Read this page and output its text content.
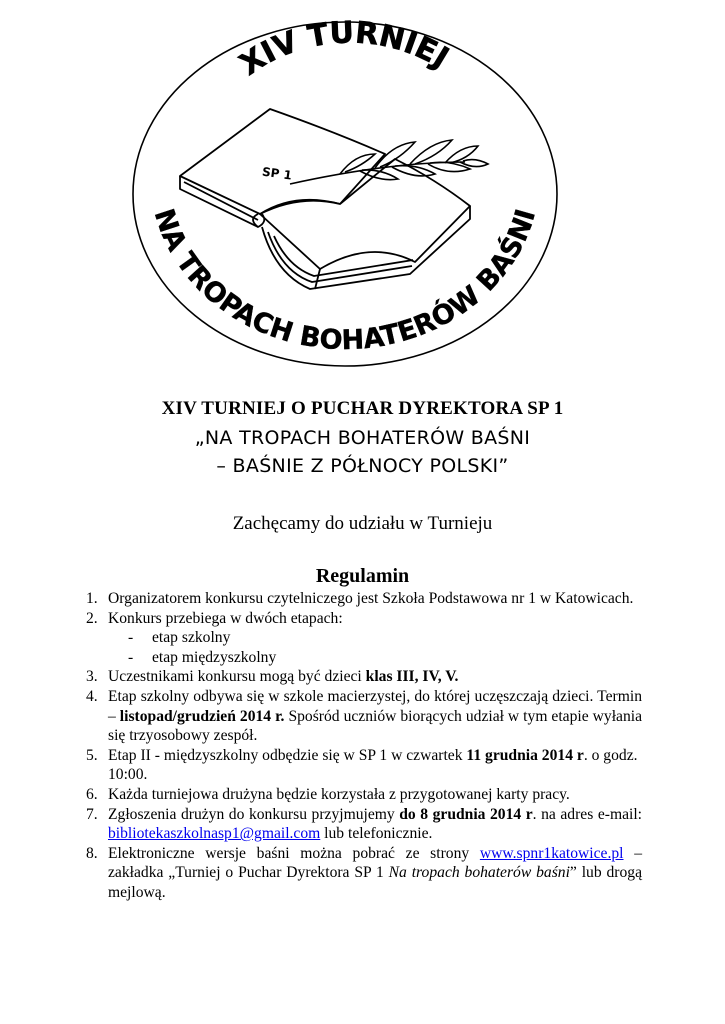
XIV TURNIEJ
NA TROPACH BOHATERÓW BAŚNI
SP 1
XIV TURNIEJ O PUCHAR DYREKTORA SP 1
„NA TROPACH BOHATERÓW BAŚNI
– BAŚNIE Z PÓŁNOCY POLSKI”
Zachęcamy do udziału w Turnieju
Regulamin
1. Organizatorem konkursu czytelniczego jest Szkoła Podstawowa nr 1 w Katowicach.
2. Konkurs przebiega w dwóch etapach:
- etap szkolny
- etap międzyszkolny
3. Uczestnikami konkursu mogą być dzieci klas III, IV, V.
4. Etap szkolny odbywa się w szkole macierzystej, do której uczęszczają dzieci. Termin – listopad/grudzień 2014 r. Spośród uczniów biorących udział w tym etapie wyłania się trzyosobowy zespół.
5. Etap II - międzyszkolny odbędzie się w SP 1 w czwartek 11 grudnia 2014 r. o godz. 10:00.
6. Każda turniejowa drużyna będzie korzystała z przygotowanej karty pracy.
7. Zgłoszenia drużyn do konkursu przyjmujemy do 8 grudnia 2014 r. na adres e-mail: bibliotekaszkolnasp1@gmail.com lub telefonicznie.
8. Elektroniczne wersje baśni można pobrać ze strony www.spnr1katowice.pl – zakładka „Turniej o Puchar Dyrektora SP 1 Na tropach bohaterów baśni” lub drogą mejlową.
